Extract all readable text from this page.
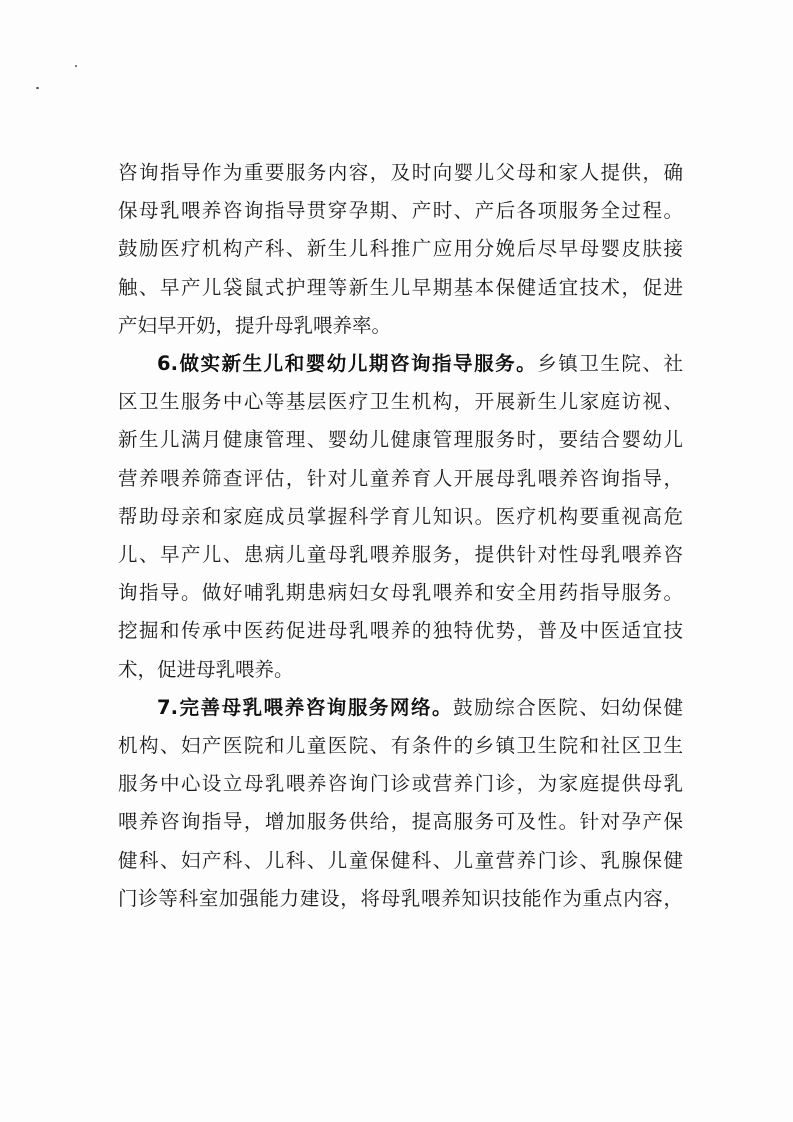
咨询指导作为重要服务内容，及时向婴儿父母和家人提供，确
保母乳喂养咨询指导贯穿孕期、产时、产后各项服务全过程。
鼓励医疗机构产科、新生儿科推广应用分娩后尽早母婴皮肤接
触、早产儿袋鼠式护理等新生儿早期基本保健适宜技术，促进
产妇早开奶，提升母乳喂养率。
6.做实新生儿和婴幼儿期咨询指导服务。乡镇卫生院、社
区卫生服务中心等基层医疗卫生机构，开展新生儿家庭访视、
新生儿满月健康管理、婴幼儿健康管理服务时，要结合婴幼儿
营养喂养筛查评估，针对儿童养育人开展母乳喂养咨询指导，
帮助母亲和家庭成员掌握科学育儿知识。医疗机构要重视高危
儿、早产儿、患病儿童母乳喂养服务，提供针对性母乳喂养咨
询指导。做好哺乳期患病妇女母乳喂养和安全用药指导服务。
挖掘和传承中医药促进母乳喂养的独特优势，普及中医适宜技
术，促进母乳喂养。
7.完善母乳喂养咨询服务网络。鼓励综合医院、妇幼保健
机构、妇产医院和儿童医院、有条件的乡镇卫生院和社区卫生
服务中心设立母乳喂养咨询门诊或营养门诊，为家庭提供母乳
喂养咨询指导，增加服务供给，提高服务可及性。针对孕产保
健科、妇产科、儿科、儿童保健科、儿童营养门诊、乳腺保健
门诊等科室加强能力建设，将母乳喂养知识技能作为重点内容，
